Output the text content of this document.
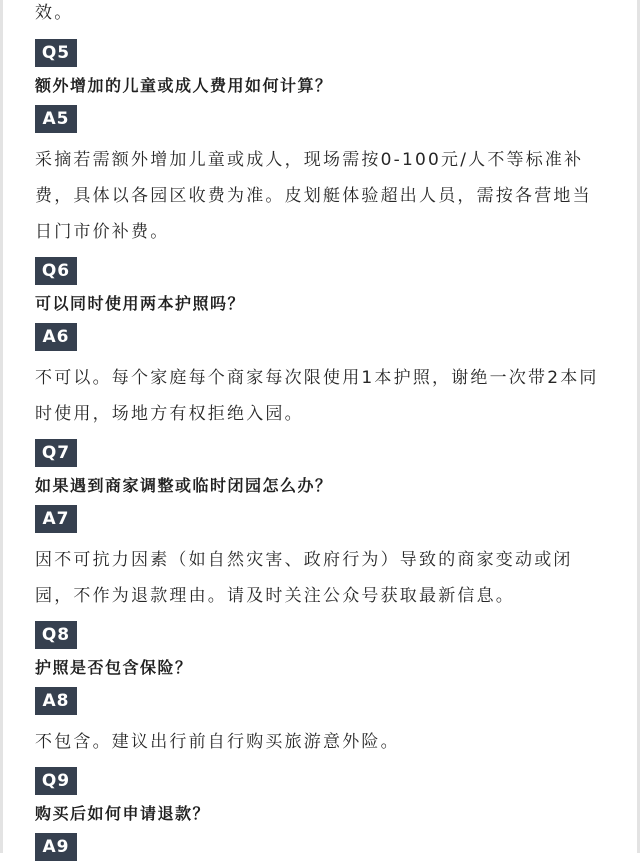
效。

Q5

额外增加的儿童或成人费用如何计算？

A5

采摘若需额外增加儿童或成人，现场需按0-100元/人不等标准补

费，具体以各园区收费为准。皮划艇体验超出人员，需按各营地当

日门市价补费。

Q6

可以同时使用两本护照吗？

A6

不可以。每个家庭每个商家每次限使用1本护照，谢绝一次带2本同

时使用，场地方有权拒绝入园。

Q7

如果遇到商家调整或临时闭园怎么办？

A7

因不可抗力因素（如自然灾害、政府行为）导致的商家变动或闭

园，不作为退款理由。请及时关注公众号获取最新信息。

Q8

护照是否包含保险？

A8

不包含。建议出行前自行购买旅游意外险。

Q9

购买后如何申请退款？

A9
